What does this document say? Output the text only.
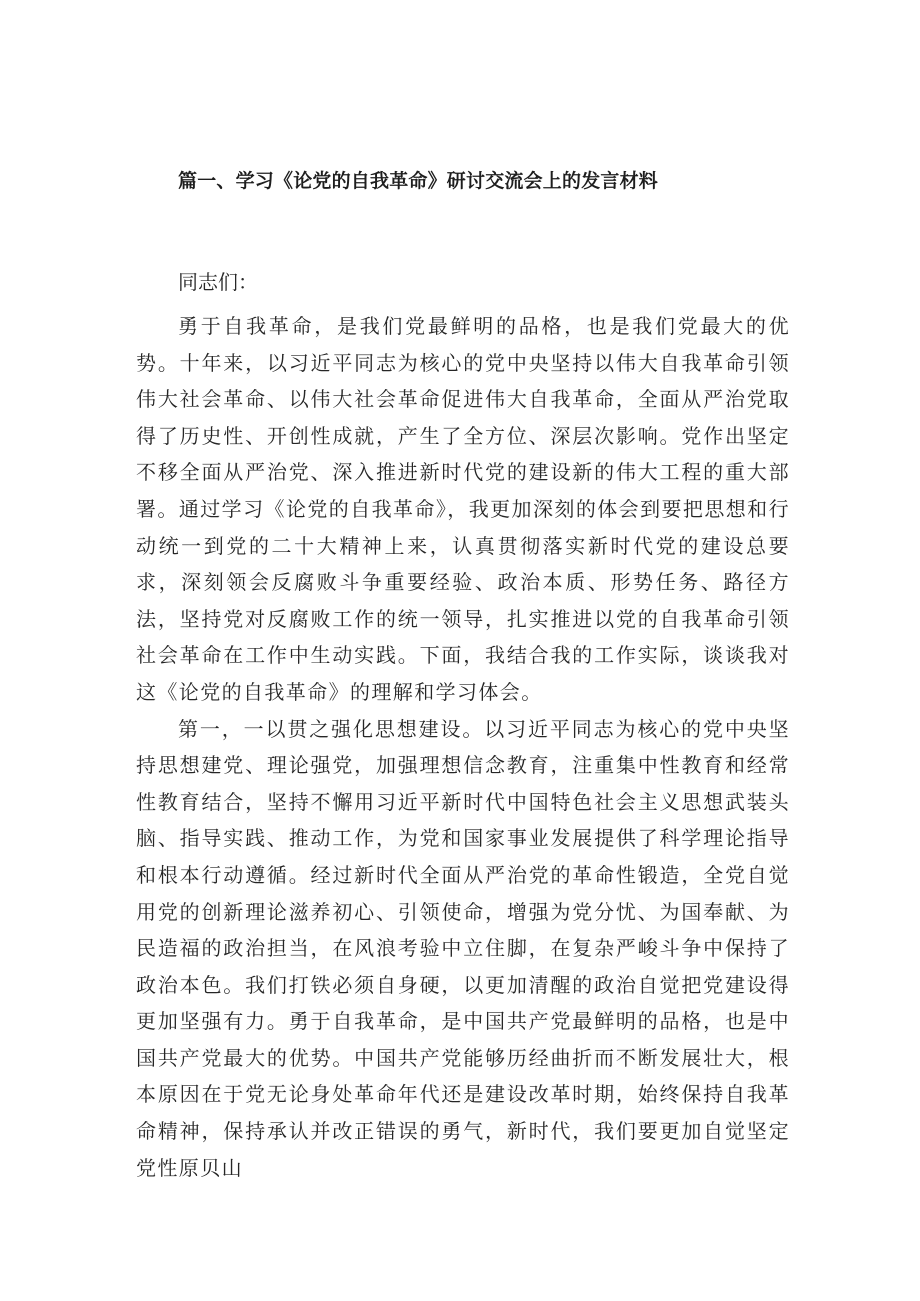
篇一、学习《论党的自我革命》研讨交流会上的发言材料

同志们：

勇于自我革命，是我们党最鲜明的品格，也是我们党最大的优势。十年来，以习近平同志为核心的党中央坚持以伟大自我革命引领伟大社会革命、以伟大社会革命促进伟大自我革命，全面从严治党取得了历史性、开创性成就，产生了全方位、深层次影响。党作出坚定不移全面从严治党、深入推进新时代党的建设新的伟大工程的重大部署。通过学习《论党的自我革命》，我更加深刻的体会到要把思想和行动统一到党的二十大精神上来，认真贯彻落实新时代党的建设总要求，深刻领会反腐败斗争重要经验、政治本质、形势任务、路径方法，坚持党对反腐败工作的统一领导，扎实推进以党的自我革命引领社会革命在工作中生动实践。下面，我结合我的工作实际，谈谈我对这《论党的自我革命》的理解和学习体会。

第一，一以贯之强化思想建设。以习近平同志为核心的党中央坚持思想建党、理论强党，加强理想信念教育，注重集中性教育和经常性教育结合，坚持不懈用习近平新时代中国特色社会主义思想武装头脑、指导实践、推动工作，为党和国家事业发展提供了科学理论指导和根本行动遵循。经过新时代全面从严治党的革命性锻造，全党自觉用党的创新理论滋养初心、引领使命，增强为党分忧、为国奉献、为民造福的政治担当，在风浪考验中立住脚，在复杂严峻斗争中保持了政治本色。我们打铁必须自身硬，以更加清醒的政治自觉把党建设得更加坚强有力。勇于自我革命，是中国共产党最鲜明的品格，也是中国共产党最大的优势。中国共产党能够历经曲折而不断发展壮大，根本原因在于党无论身处革命年代还是建设改革时期，始终保持自我革命精神，保持承认并改正错误的勇气，新时代，我们要更加自觉坚定党性原贝山
